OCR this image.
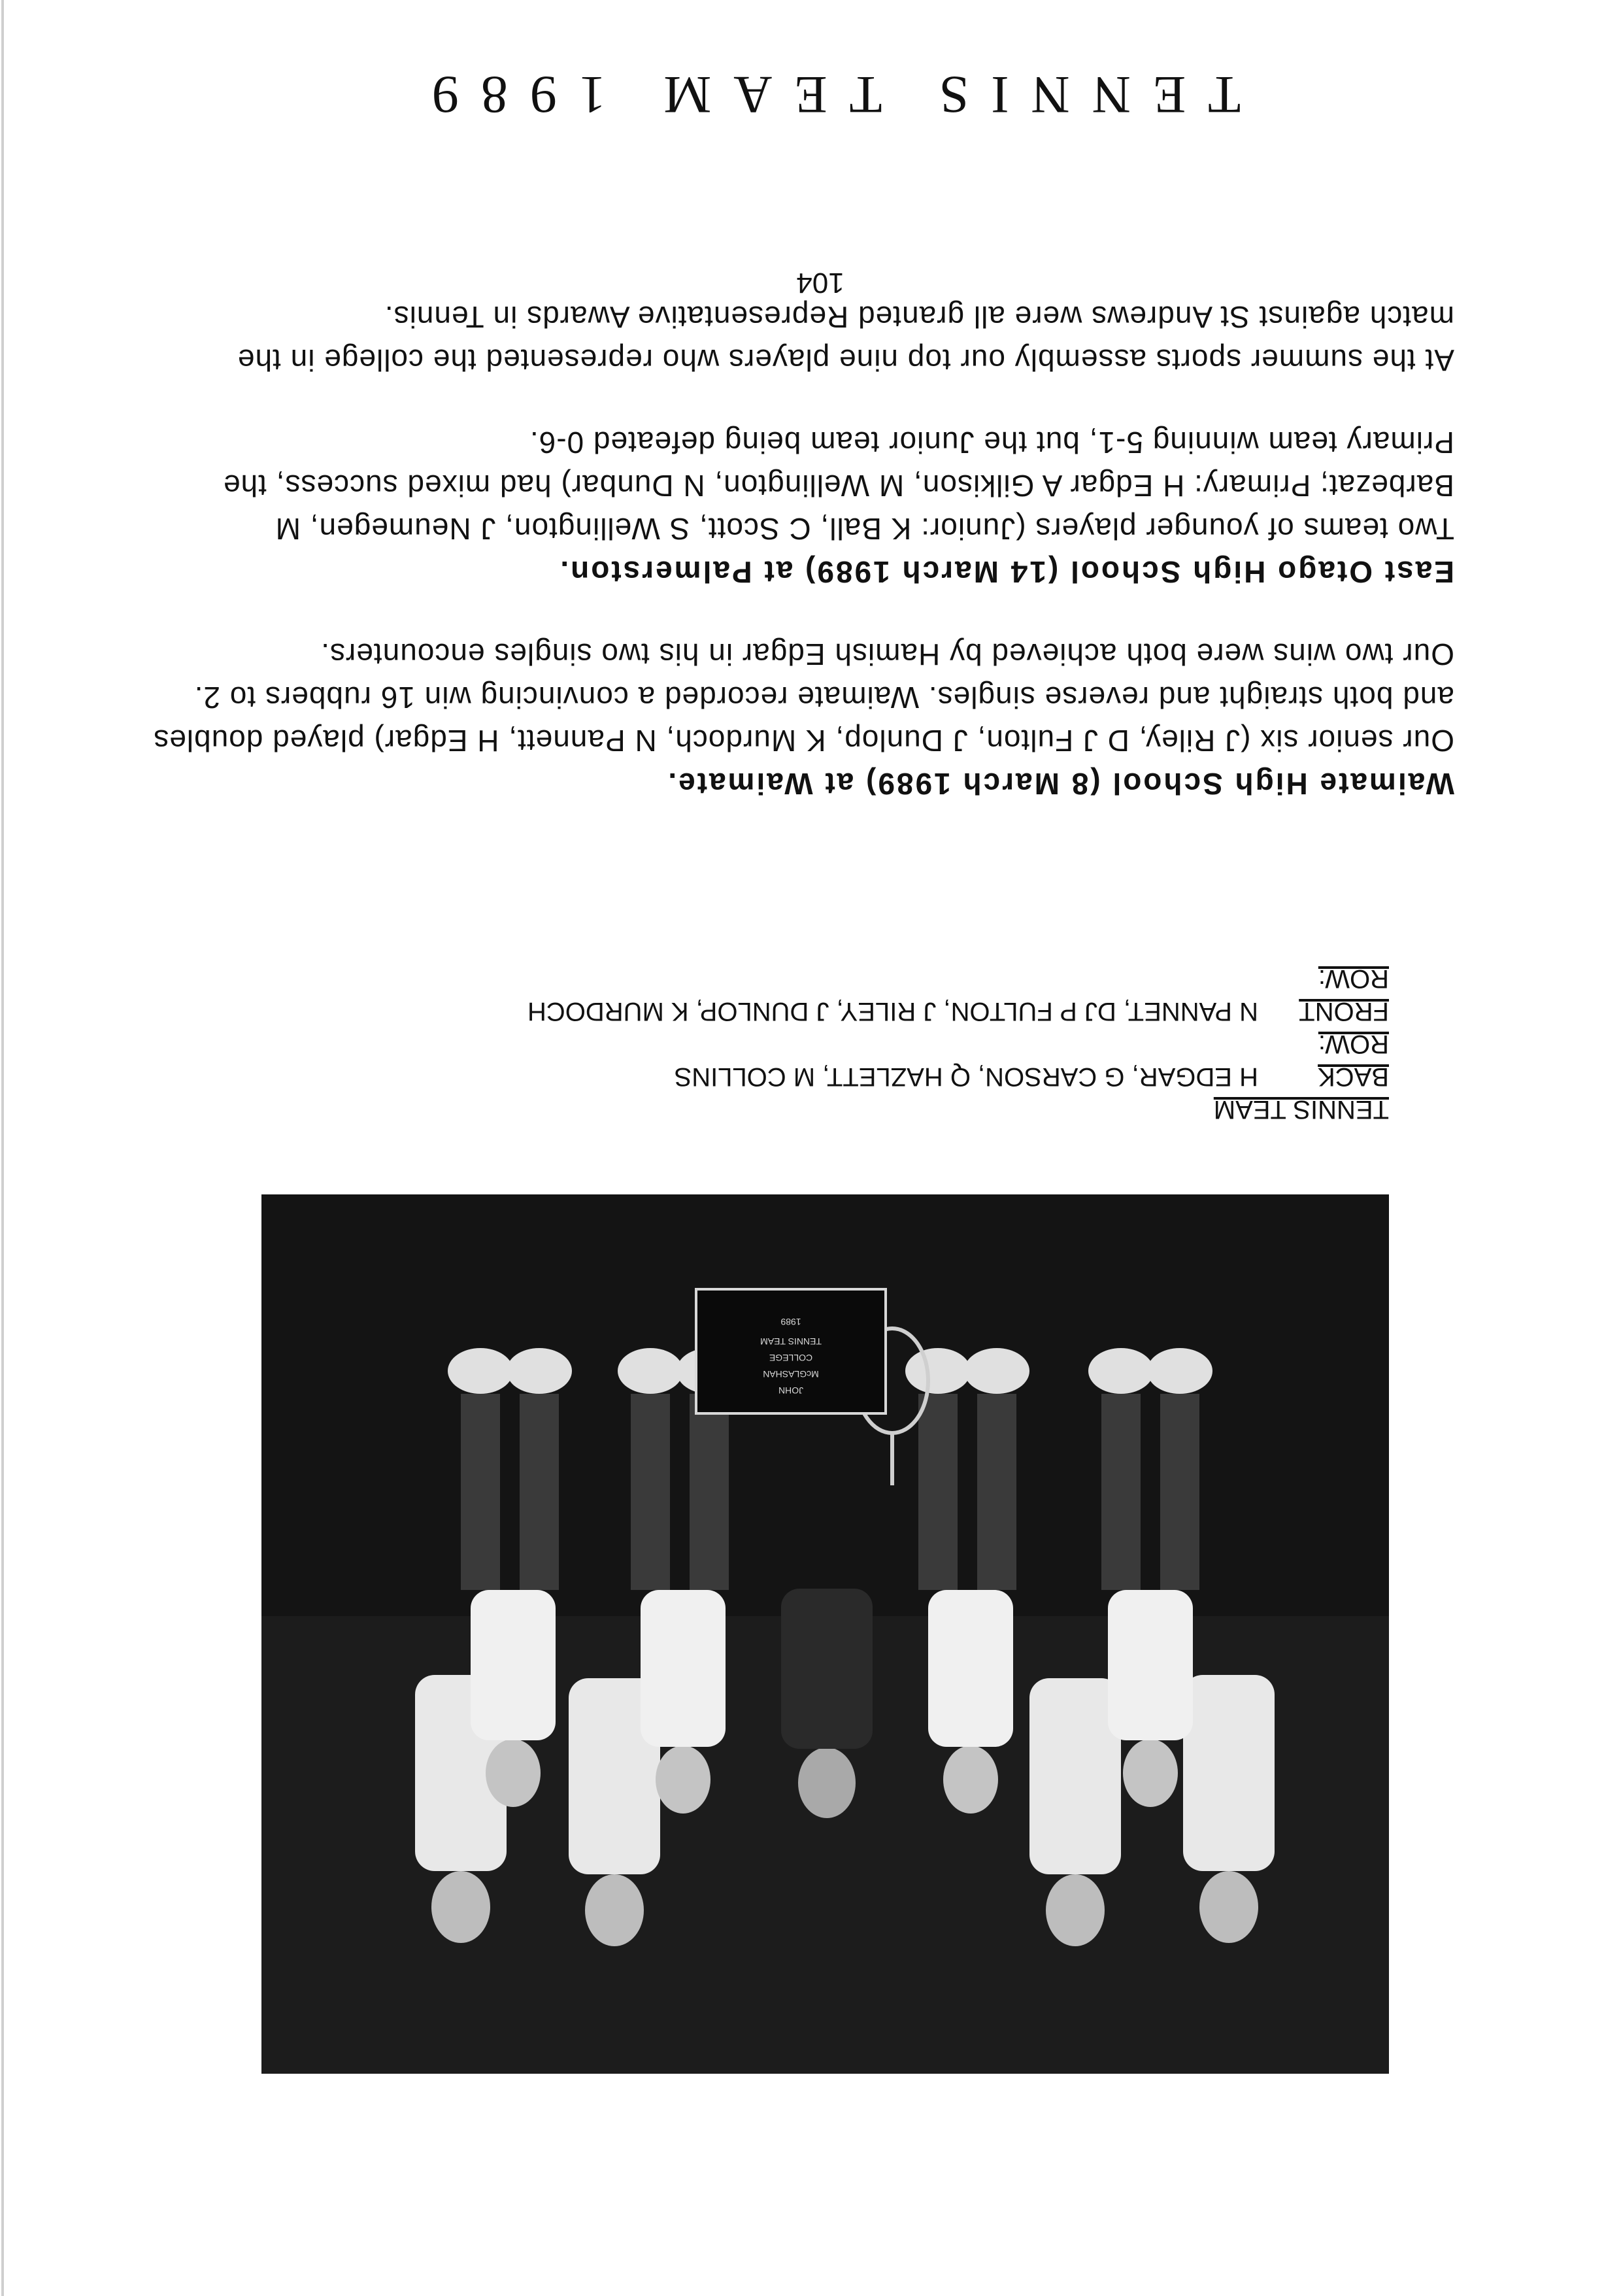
104

Waimate High School (8 March 1989) at Waimate.

Our senior six (J Riley, D J Fulton, J Dunlop, K Murdoch, N Pannett, H Edgar) played doubles and both straight and reverse singles. Waimate recorded a convincing win 16 rubbers to 2. Our two wins were both achieved by Hamish Edgar in his two singles encounters.

East Otago High School (14 March 1989) at Palmerston.

Two teams of younger players (Junior: K Ball, C Scott, S Wellington, J Neumegen, M Barbezat; Primary: H Edgar A Gilkison, M Wellington, N Dunbar) had mixed success, the Primary team winning 5-1, but the Junior team being defeated 0-6.

At the summer sports assembly our top nine players who represented the college in the match against St Andrews were all granted Representative Awards in Tennis.

TENNIS TEAM
BACK ROW:
H EDGAR, G CARSON, Q HAZLETT, M COLLINS
FRONT ROW:
N PANNET, DJ P FULTON, J RILEY, J DUNLOP, K MURDOCH
JOHN
McGLASHAN
COLLEGE
TENNIS TEAM
1989
TENNIS TEAM 1989
